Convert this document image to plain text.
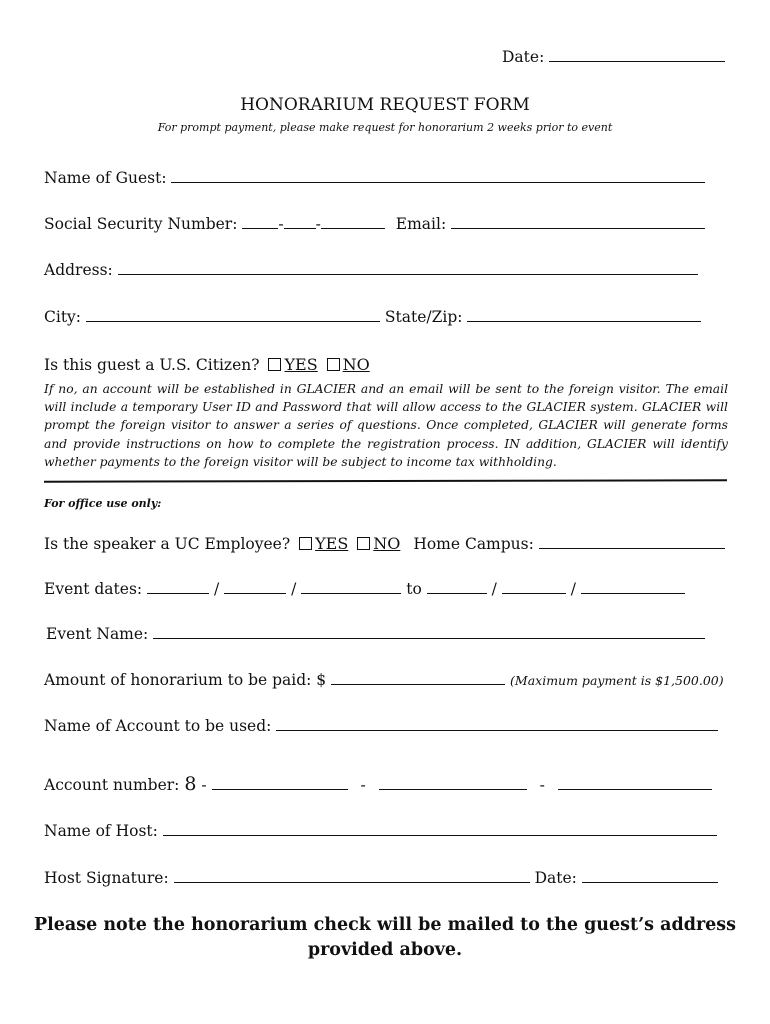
Date:
HONORARIUM REQUEST FORM
For prompt payment, please make request for honorarium 2 weeks prior to event
Name of Guest:
Social Security Number:	- -	Email:
Address:
City:	State/Zip:
Is this guest a U.S. Citizen? YES NO
If no, an account will be established in GLACIER and an email will be sent to the foreign visitor. The email will include a temporary User ID and Password that will allow access to the GLACIER system. GLACIER will prompt the foreign visitor to answer a series of questions. Once completed, GLACIER will generate forms and provide instructions on how to complete the registration process. IN addition, GLACIER will identify whether payments to the foreign visitor will be subject to income tax withholding.
For office use only:
Is the speaker a UC Employee? YES NO Home Campus:
Event dates:	/	/	to	/	/
Event Name:
Amount of honorarium to be paid: $	(Maximum payment is $1,500.00)
Name of Account to be used:
Account number: 8 -	-	-
Name of Host:
Host Signature:	Date:
Please note the honorarium check will be mailed to the guest’s address
provided above.
